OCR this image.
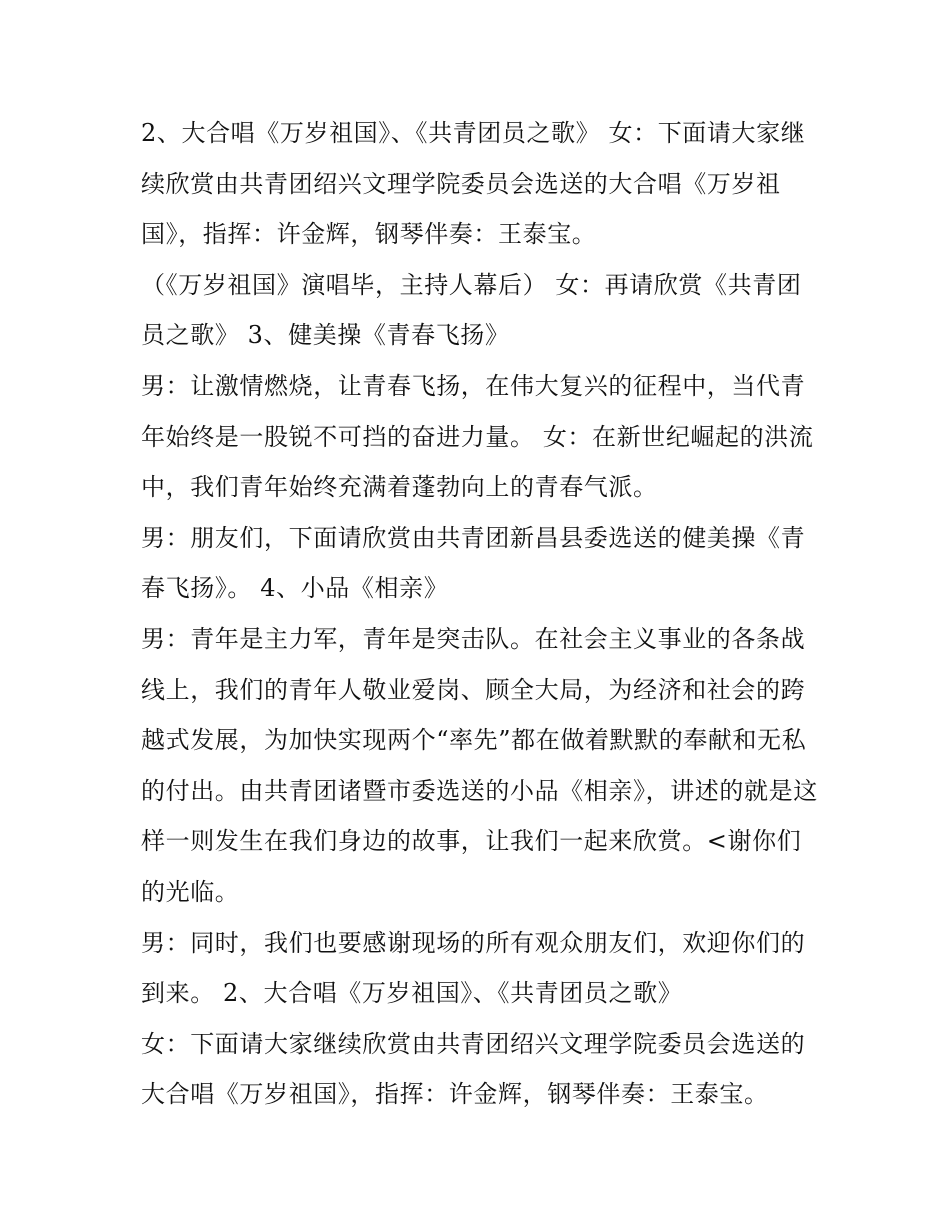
2、大合唱《万岁祖国》、《共青团员之歌》 女：下面请大家继续欣赏由共青团绍兴文理学院委员会选送的大合唱《万岁祖国》，指挥：许金辉，钢琴伴奏：王泰宝。

（《万岁祖国》演唱毕，主持人幕后） 女：再请欣赏《共青团员之歌》 3、健美操《青春飞扬》

男：让激情燃烧，让青春飞扬，在伟大复兴的征程中，当代青年始终是一股锐不可挡的奋进力量。 女：在新世纪崛起的洪流中，我们青年始终充满着蓬勃向上的青春气派。

男：朋友们，下面请欣赏由共青团新昌县委选送的健美操《青春飞扬》。 4、小品《相亲》

男：青年是主力军，青年是突击队。在社会主义事业的各条战线上，我们的青年人敬业爱岗、顾全大局，为经济和社会的跨越式发展，为加快实现两个“率先”都在做着默默的奉献和无私的付出。由共青团诸暨市委选送的小品《相亲》，讲述的就是这样一则发生在我们身边的故事，让我们一起来欣赏。<谢你们的光临。

男：同时，我们也要感谢现场的所有观众朋友们，欢迎你们的到来。 2、大合唱《万岁祖国》、《共青团员之歌》

女：下面请大家继续欣赏由共青团绍兴文理学院委员会选送的大合唱《万岁祖国》，指挥：许金辉，钢琴伴奏：王泰宝。
